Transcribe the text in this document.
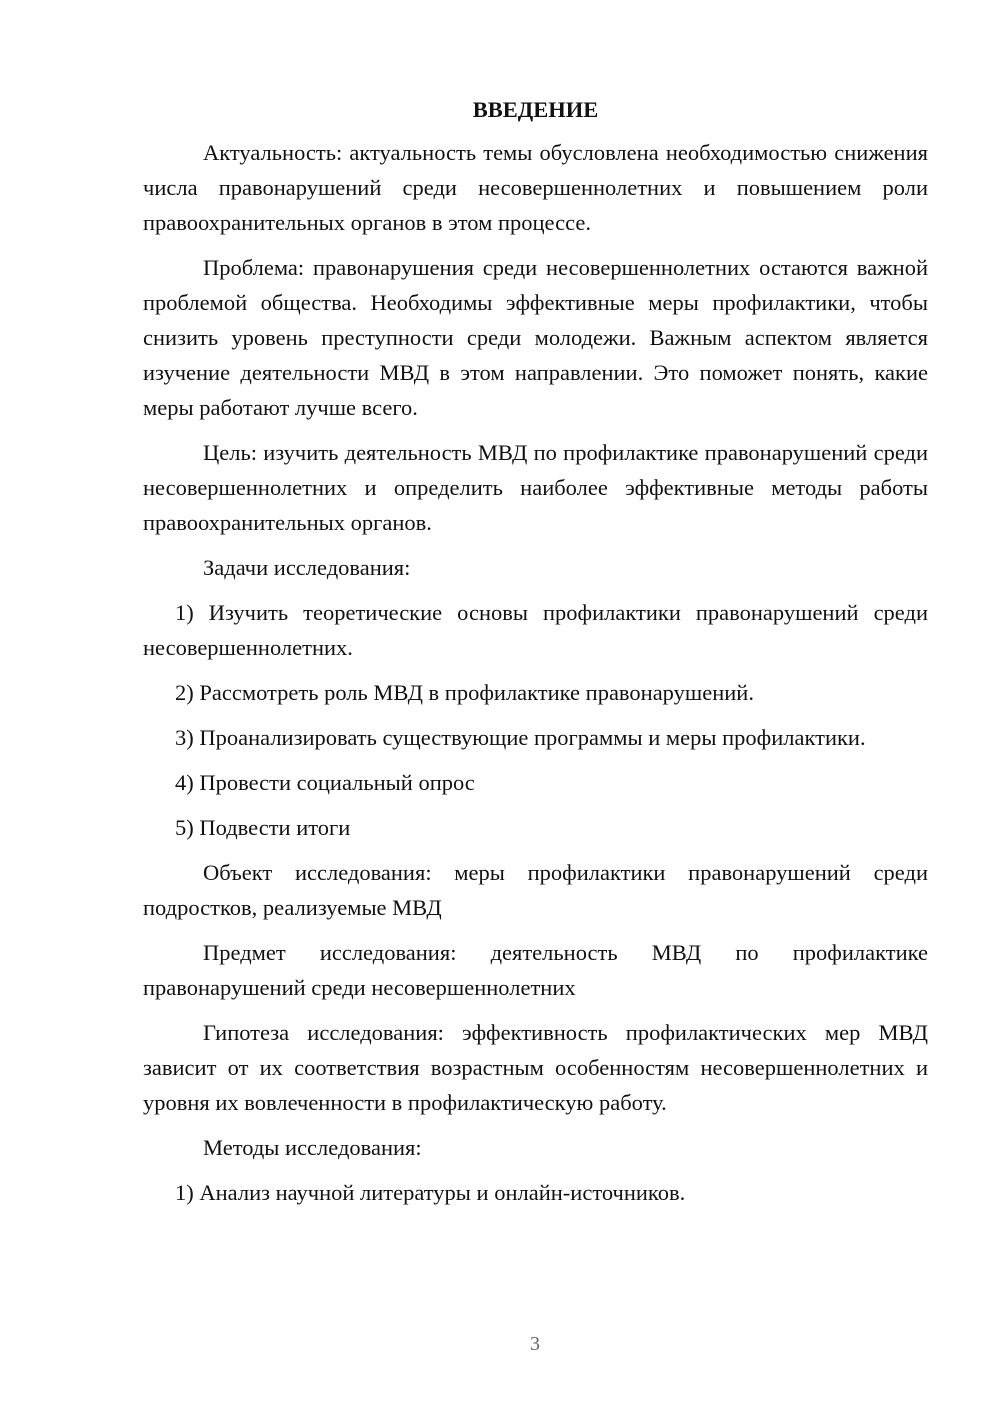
ВВЕДЕНИЕ

Актуальность: актуальность темы обусловлена необходимостью снижения числа правонарушений среди несовершеннолетних и повышением роли правоохранительных органов в этом процессе.

Проблема: правонарушения среди несовершеннолетних остаются важной проблемой общества. Необходимы эффективные меры профилактики, чтобы снизить уровень преступности среди молодежи. Важным аспектом является изучение деятельности МВД в этом направлении. Это поможет понять, какие меры работают лучше всего.

Цель: изучить деятельность МВД по профилактике правонарушений среди несовершеннолетних и определить наиболее эффективные методы работы правоохранительных органов.

Задачи исследования:

1) Изучить теоретические основы профилактики правонарушений среди несовершеннолетних.

2) Рассмотреть роль МВД в профилактике правонарушений.

3) Проанализировать существующие программы и меры профилактики.

4) Провести социальный опрос

5) Подвести итоги

Объект исследования: меры профилактики правонарушений среди подростков, реализуемые МВД

Предмет исследования: деятельность МВД по профилактике правонарушений среди несовершеннолетних

Гипотеза исследования: эффективность профилактических мер МВД зависит от их соответствия возрастным особенностям несовершеннолетних и уровня их вовлеченности в профилактическую работу.

Методы исследования:

1) Анализ научной литературы и онлайн-источников.

3
